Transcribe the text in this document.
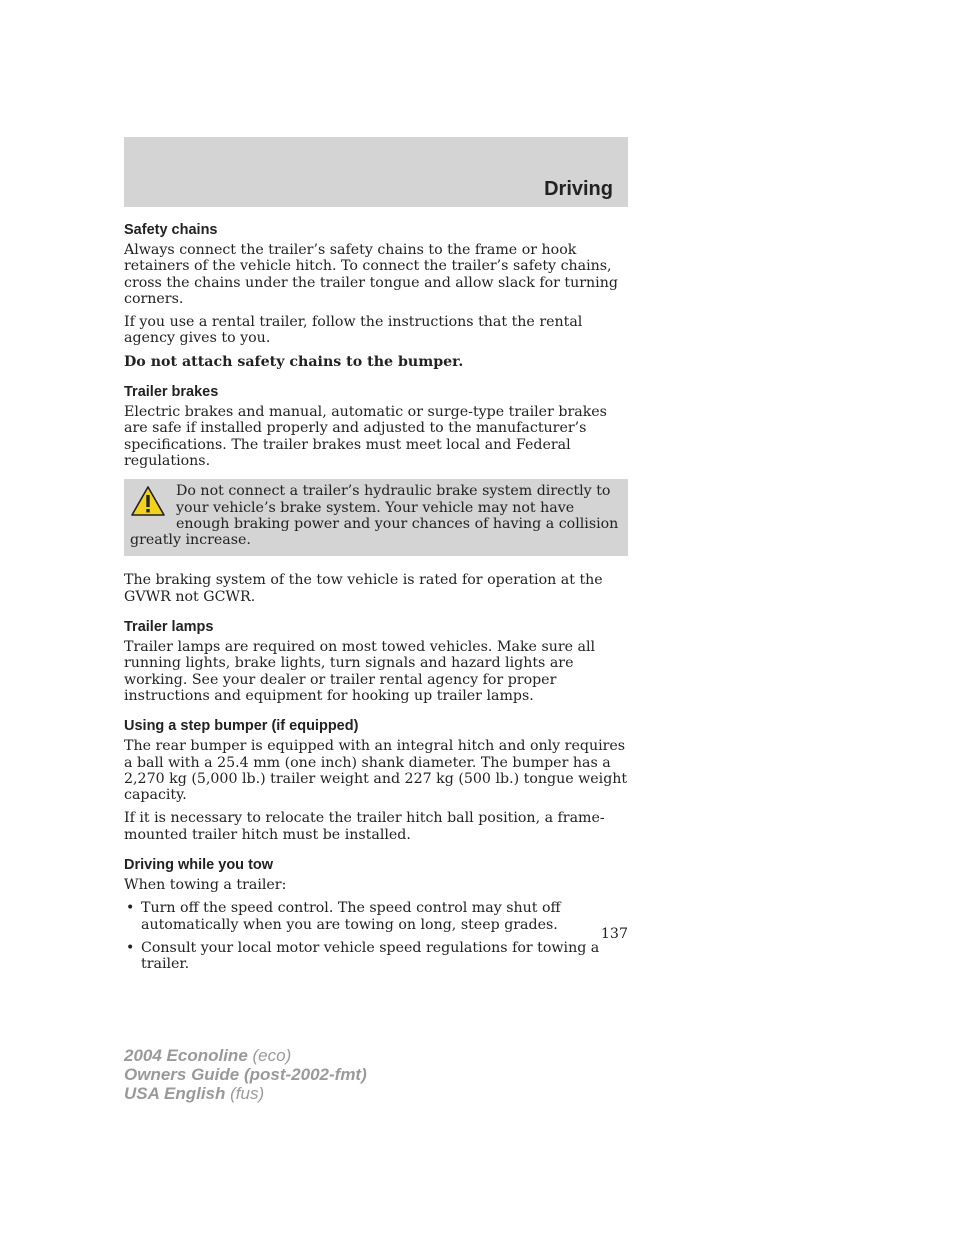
Driving
Safety chains

Always connect the trailer’s safety chains to the frame or hook retainers of the vehicle hitch. To connect the trailer’s safety chains, cross the chains under the trailer tongue and allow slack for turning corners.

If you use a rental trailer, follow the instructions that the rental agency gives to you.

Do not attach safety chains to the bumper.

Trailer brakes

Electric brakes and manual, automatic or surge-type trailer brakes are safe if installed properly and adjusted to the manufacturer’s specifications. The trailer brakes must meet local and Federal regulations.

Do not connect a trailer’s hydraulic brake system directly to your vehicle’s brake system. Your vehicle may not have enough braking power and your chances of having a collision greatly increase.

The braking system of the tow vehicle is rated for operation at the GVWR not GCWR.

Trailer lamps

Trailer lamps are required on most towed vehicles. Make sure all running lights, brake lights, turn signals and hazard lights are working. See your dealer or trailer rental agency for proper instructions and equipment for hooking up trailer lamps.

Using a step bumper (if equipped)

The rear bumper is equipped with an integral hitch and only requires a ball with a 25.4 mm (one inch) shank diameter. The bumper has a 2,270 kg (5,000 lb.) trailer weight and 227 kg (500 lb.) tongue weight capacity.

If it is necessary to relocate the trailer hitch ball position, a frame-mounted trailer hitch must be installed.

Driving while you tow

When towing a trailer:

• Turn off the speed control. The speed control may shut off automatically when you are towing on long, steep grades.
• Consult your local motor vehicle speed regulations for towing a trailer.
137
2004 Econoline (eco)
Owners Guide (post-2002-fmt)
USA English (fus)
